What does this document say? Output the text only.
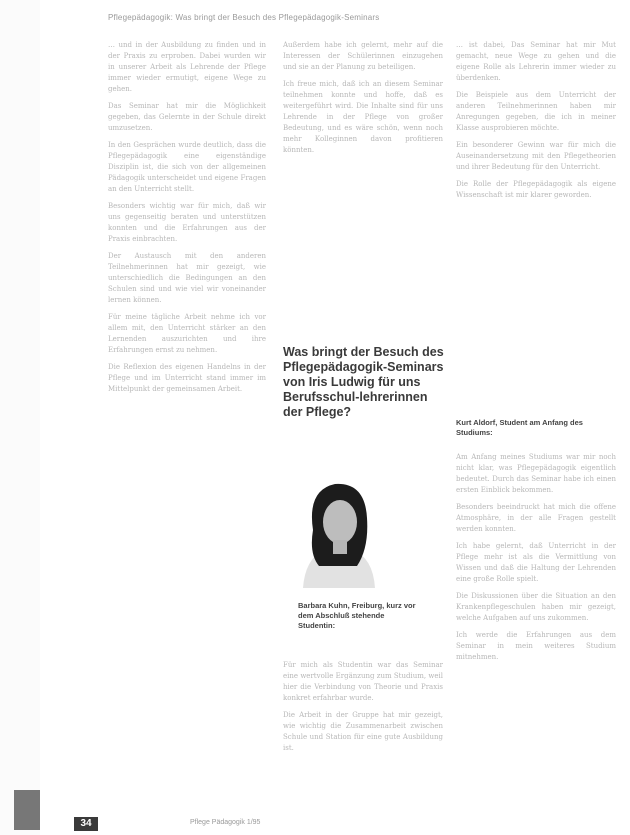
Pflegepädagogik: Was bringt der Besuch des Pflegepädagogik-Seminars

… und in der Ausbildung zu finden und in der Praxis zu erproben. Dabei wurden wir in unserer Arbeit als Lehrende der Pflege immer wieder ermutigt, eigene Wege zu gehen.

Das Seminar hat mir die Möglichkeit gegeben, das Gelernte in der Schule direkt umzusetzen.

In den Gesprächen wurde deutlich, dass die Pflegepädagogik eine eigenständige Disziplin ist, die sich von der allgemeinen Pädagogik unterscheidet und eigene Fragen an den Unterricht stellt.

Besonders wichtig war für mich, daß wir uns gegenseitig beraten und unterstützen konnten und die Erfahrungen aus der Praxis einbrachten.

Der Austausch mit den anderen Teilnehmerinnen hat mir gezeigt, wie unterschiedlich die Bedingungen an den Schulen sind und wie viel wir voneinander lernen können.

Für meine tägliche Arbeit nehme ich vor allem mit, den Unterricht stärker an den Lernenden auszurichten und ihre Erfahrungen ernst zu nehmen.

Die Reflexion des eigenen Handelns in der Pflege und im Unterricht stand immer im Mittelpunkt der gemeinsamen Arbeit.

Außerdem habe ich gelernt, mehr auf die Interessen der Schülerinnen einzugehen und sie an der Planung zu beteiligen.

Ich freue mich, daß ich an diesem Seminar teilnehmen konnte und hoffe, daß es weitergeführt wird. Die Inhalte sind für uns Lehrende in der Pflege von großer Bedeutung, und es wäre schön, wenn noch mehr Kolleginnen davon profitieren könnten.

Was bringt der Besuch des Pflegepädagogik-Seminars von Iris Ludwig für uns Berufsschul-lehrerinnen der Pflege?

Barbara Kuhn, Freiburg, kurz vor dem Abschluß stehende Studentin:

Für mich als Studentin war das Seminar eine wertvolle Ergänzung zum Studium, weil hier die Verbindung von Theorie und Praxis konkret erfahrbar wurde.

Die Arbeit in der Gruppe hat mir gezeigt, wie wichtig die Zusammenarbeit zwischen Schule und Station für eine gute Ausbildung ist.

… ist dabei, Das Seminar hat mir Mut gemacht, neue Wege zu gehen und die eigene Rolle als Lehrerin immer wieder zu überdenken.

Die Beispiele aus dem Unterricht der anderen Teilnehmerinnen haben mir Anregungen gegeben, die ich in meiner Klasse ausprobieren möchte.

Ein besonderer Gewinn war für mich die Auseinandersetzung mit den Pflegetheorien und ihrer Bedeutung für den Unterricht.

Die Rolle der Pflegepädagogik als eigene Wissenschaft ist mir klarer geworden.

Kurt Aldorf, Student am Anfang des Studiums:

Am Anfang meines Studiums war mir noch nicht klar, was Pflegepädagogik eigentlich bedeutet. Durch das Seminar habe ich einen ersten Einblick bekommen.

Besonders beeindruckt hat mich die offene Atmosphäre, in der alle Fragen gestellt werden konnten.

Ich habe gelernt, daß Unterricht in der Pflege mehr ist als die Vermittlung von Wissen und daß die Haltung der Lehrenden eine große Rolle spielt.

Die Diskussionen über die Situation an den Krankenpflegeschulen haben mir gezeigt, welche Aufgaben auf uns zukommen.

Ich werde die Erfahrungen aus dem Seminar in mein weiteres Studium mitnehmen.

34	Pflege Pädagogik 1/95
